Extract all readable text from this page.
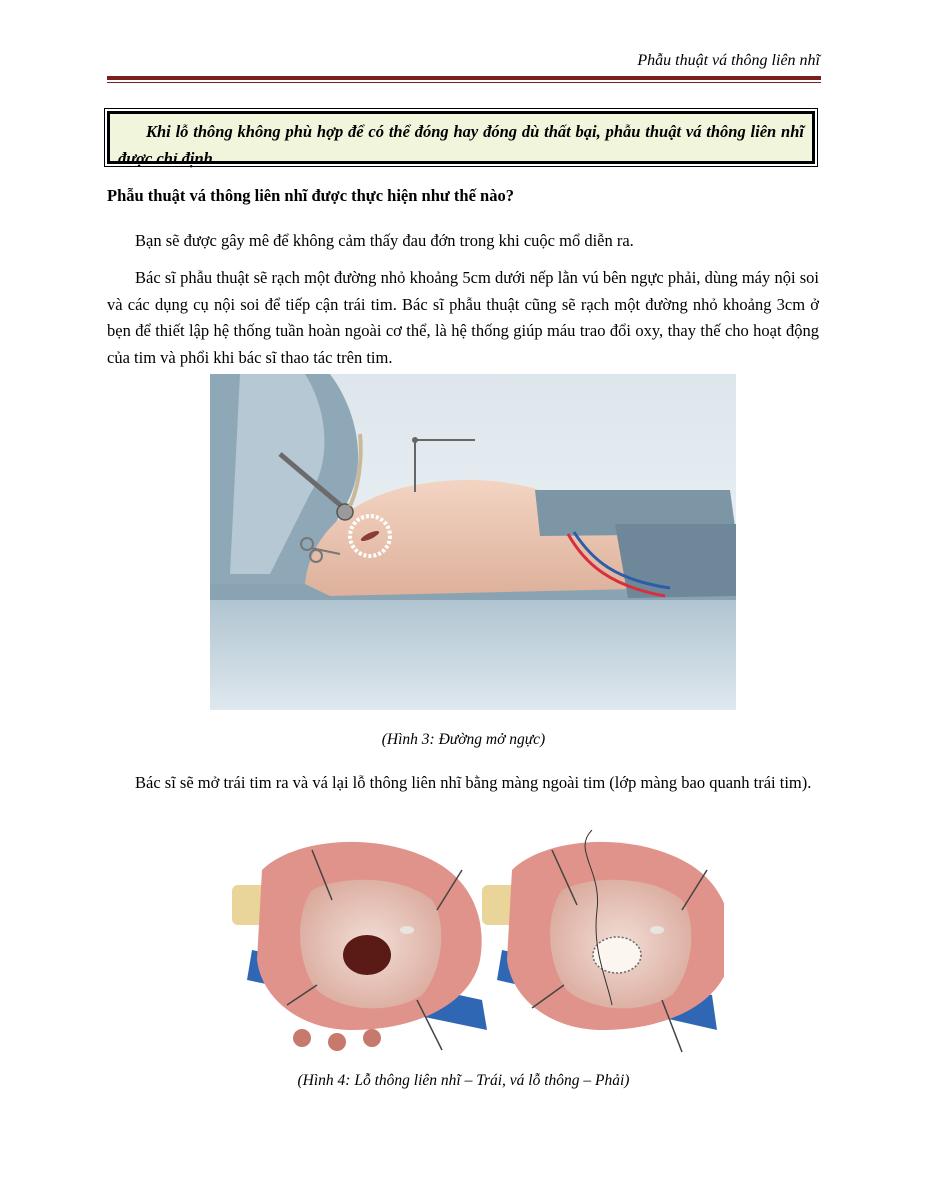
Phẫu thuật vá thông liên nhĩ

Khi lỗ thông không phù hợp để có thể đóng hay đóng dù thất bại, phẫu thuật vá thông liên nhĩ được chỉ định.

Phẫu thuật vá thông liên nhĩ được thực hiện như thế nào?

Bạn sẽ được gây mê để không cảm thấy đau đớn trong khi cuộc mổ diễn ra.

Bác sĩ phẫu thuật sẽ rạch một đường nhỏ khoảng 5cm dưới nếp lằn vú bên ngực phải, dùng máy nội soi và các dụng cụ nội soi để tiếp cận trái tim. Bác sĩ phẫu thuật cũng sẽ rạch một đường nhỏ khoảng 3cm ở bẹn để thiết lập hệ thống tuần hoàn ngoài cơ thể, là hệ thống giúp máu trao đổi oxy, thay thế cho hoạt động của tim và phổi khi bác sĩ thao tác trên tim.

(Hình 3: Đường mở ngực)

Bác sĩ sẽ mở trái tim ra và vá lại lỗ thông liên nhĩ bằng màng ngoài tim (lớp màng bao quanh trái tim).

(Hình 4: Lỗ thông liên nhĩ – Trái, vá lỗ thông – Phải)
